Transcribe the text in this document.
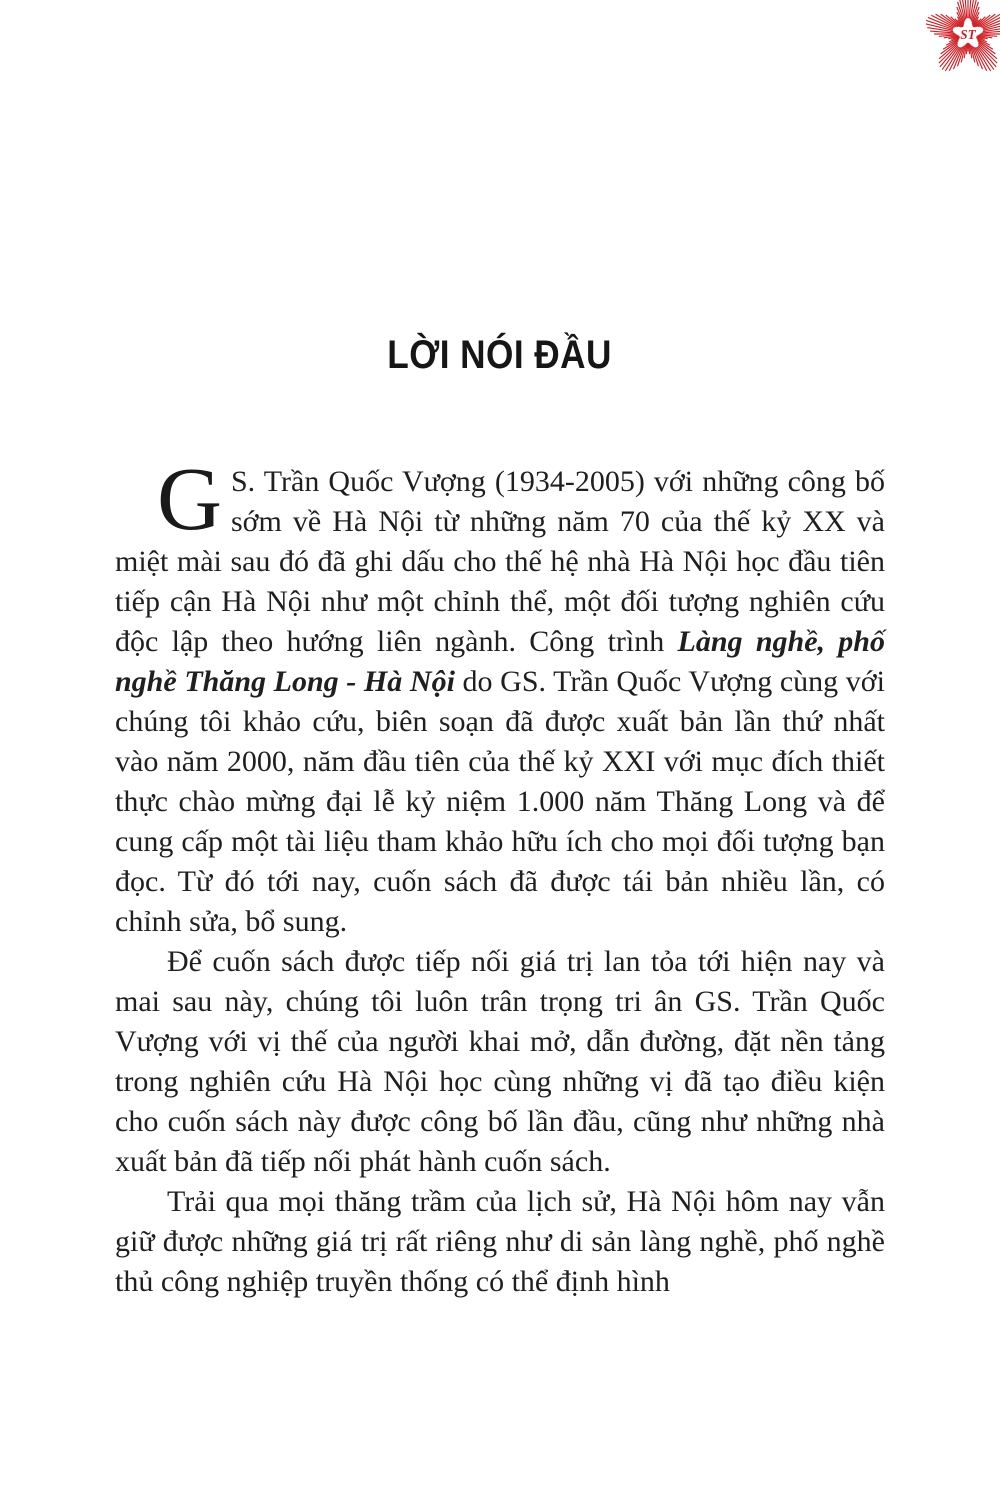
ST
LỜI NÓI ĐẦU

G S. Trần Quốc Vượng (1934-2005) với những công bố sớm về Hà Nội từ những năm 70 của thế kỷ XX và miệt mài sau đó đã ghi dấu cho thế hệ nhà Hà Nội học đầu tiên tiếp cận Hà Nội như một chỉnh thể, một đối tượng nghiên cứu độc lập theo hướng liên ngành. Công trình Làng nghề, phố nghề Thăng Long - Hà Nội do GS. Trần Quốc Vượng cùng với chúng tôi khảo cứu, biên soạn đã được xuất bản lần thứ nhất vào năm 2000, năm đầu tiên của thế kỷ XXI với mục đích thiết thực chào mừng đại lễ kỷ niệm 1.000 năm Thăng Long và để cung cấp một tài liệu tham khảo hữu ích cho mọi đối tượng bạn đọc. Từ đó tới nay, cuốn sách đã được tái bản nhiều lần, có chỉnh sửa, bổ sung.

Để cuốn sách được tiếp nối giá trị lan tỏa tới hiện nay và mai sau này, chúng tôi luôn trân trọng tri ân GS. Trần Quốc Vượng với vị thế của người khai mở, dẫn đường, đặt nền tảng trong nghiên cứu Hà Nội học cùng những vị đã tạo điều kiện cho cuốn sách này được công bố lần đầu, cũng như những nhà xuất bản đã tiếp nối phát hành cuốn sách.

Trải qua mọi thăng trầm của lịch sử, Hà Nội hôm nay vẫn giữ được những giá trị rất riêng như di sản làng nghề, phố nghề thủ công nghiệp truyền thống có thể định hình
